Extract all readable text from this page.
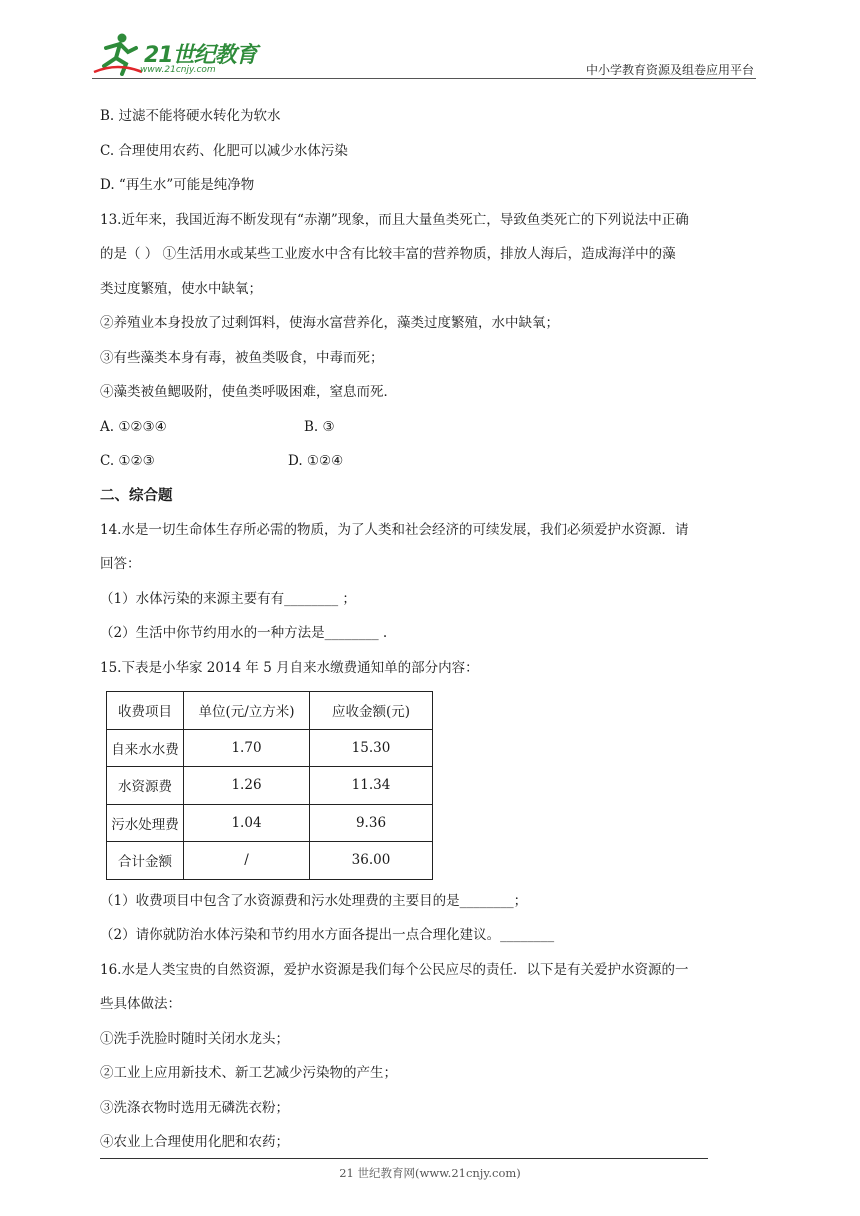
21世纪教育
www.21cnjy.com	中小学教育资源及组卷应用平台
B. 过滤不能将硬水转化为软水
C. 合理使用农药、化肥可以减少水体污染
D. “再生水”可能是纯净物
13.近年来，我国近海不断发现有“赤潮”现象，而且大量鱼类死亡，导致鱼类死亡的下列说法中正确
的是（ ） ①生活用水或某些工业废水中含有比较丰富的营养物质，排放人海后，造成海洋中的藻
类过度繁殖，使水中缺氧；
②养殖业本身投放了过剩饵料，使海水富营养化，藻类过度繁殖，水中缺氧；
③有些藻类本身有毒，被鱼类吸食，中毒而死；
④藻类被鱼鳃吸附，使鱼类呼吸困难，窒息而死．
A. ①②③④	B. ③
C. ①②③	D. ①②④
二、综合题
14.水是一切生命体生存所必需的物质，为了人类和社会经济的可续发展，我们必须爱护水资源．请
回答：
（1）水体污染的来源主要有有________ ；
（2）生活中你节约用水的一种方法是________ .
15.下表是小华家 2014 年 5 月自来水缴费通知单的部分内容：
收费项目	单位(元/立方米)	应收金额(元)
自来水水费	1.70	15.30
水资源费	1.26	11.34
污水处理费	1.04	9.36
合计金额	/	36.00
（1）收费项目中包含了水资源费和污水处理费的主要目的是________；
（2）请你就防治水体污染和节约用水方面各提出一点合理化建议。________
16.水是人类宝贵的自然资源，爱护水资源是我们每个公民应尽的责任．以下是有关爱护水资源的一
些具体做法：
①洗手洗脸时随时关闭水龙头；
②工业上应用新技术、新工艺减少污染物的产生；
③洗涤衣物时选用无磷洗衣粉；
④农业上合理使用化肥和农药；
21 世纪教育网(www.21cnjy.com)
